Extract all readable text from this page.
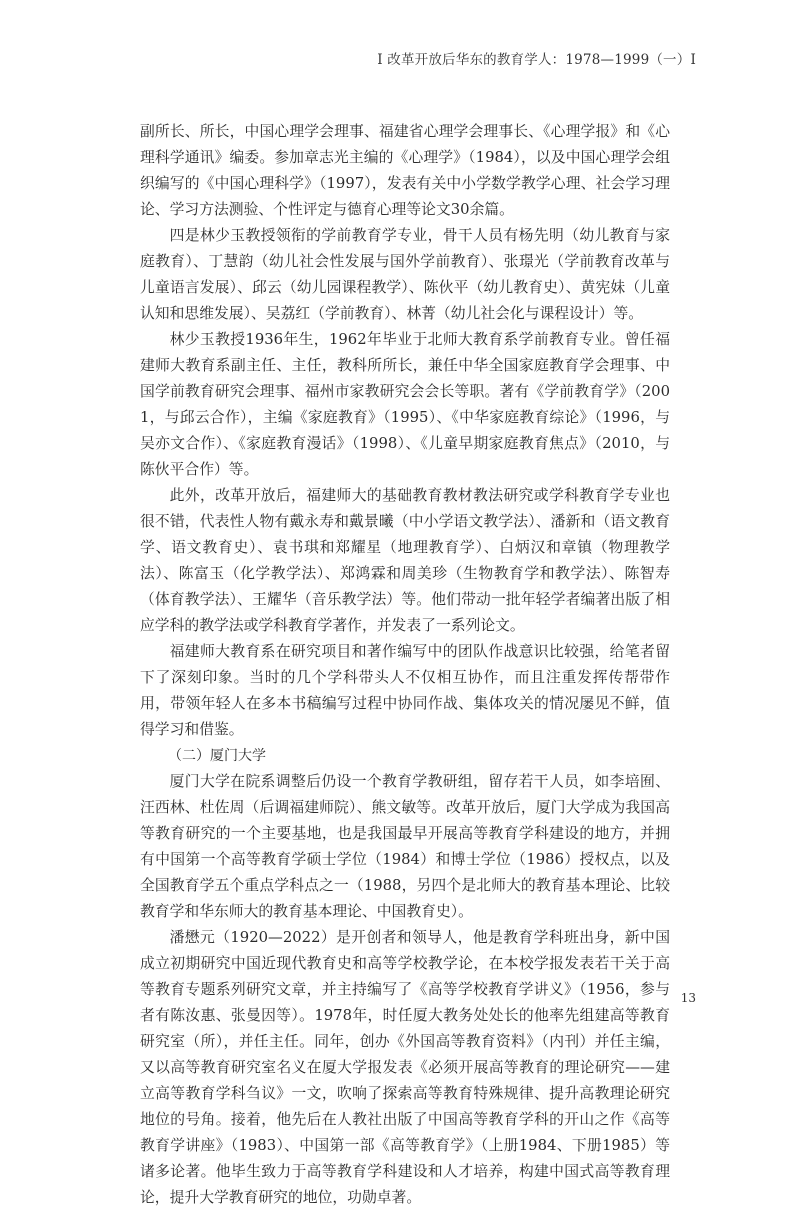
I 改革开放后华东的教育学人：1978—1999（一）I

副所长、所长，中国心理学会理事、福建省心理学会理事长、《心理学报》和《心理科学通讯》编委。参加章志光主编的《心理学》（1984），以及中国心理学会组织编写的《中国心理科学》（1997），发表有关中小学数学教学心理、社会学习理论、学习方法测验、个性评定与德育心理等论文30余篇。

四是林少玉教授领衔的学前教育学专业，骨干人员有杨先明（幼儿教育与家庭教育）、丁慧韵（幼儿社会性发展与国外学前教育）、张璟光（学前教育改革与儿童语言发展）、邱云（幼儿园课程教学）、陈伙平（幼儿教育史）、黄宪妹（儿童认知和思维发展）、吴荔红（学前教育）、林菁（幼儿社会化与课程设计）等。

林少玉教授1936年生，1962年毕业于北师大教育系学前教育专业。曾任福建师大教育系副主任、主任，教科所所长，兼任中华全国家庭教育学会理事、中国学前教育研究会理事、福州市家教研究会会长等职。著有《学前教育学》（2001，与邱云合作），主编《家庭教育》（1995）、《中华家庭教育综论》（1996，与吴亦文合作）、《家庭教育漫话》（1998）、《儿童早期家庭教育焦点》（2010，与陈伙平合作）等。

此外，改革开放后，福建师大的基础教育教材教法研究或学科教育学专业也很不错，代表性人物有戴永寿和戴景曦（中小学语文教学法）、潘新和（语文教育学、语文教育史）、袁书琪和郑耀星（地理教育学）、白炳汉和章镇（物理教学法）、陈富玉（化学教学法）、郑鸿霖和周美珍（生物教育学和教学法）、陈智寿（体育教学法）、王耀华（音乐教学法）等。他们带动一批年轻学者编著出版了相应学科的教学法或学科教育学著作，并发表了一系列论文。

福建师大教育系在研究项目和著作编写中的团队作战意识比较强，给笔者留下了深刻印象。当时的几个学科带头人不仅相互协作，而且注重发挥传帮带作用，带领年轻人在多本书稿编写过程中协同作战、集体攻关的情况屡见不鲜，值得学习和借鉴。

（二）厦门大学

厦门大学在院系调整后仍设一个教育学教研组，留存若干人员，如李培囿、汪西林、杜佐周（后调福建师院）、熊文敏等。改革开放后，厦门大学成为我国高等教育研究的一个主要基地，也是我国最早开展高等教育学科建设的地方，并拥有中国第一个高等教育学硕士学位（1984）和博士学位（1986）授权点，以及全国教育学五个重点学科点之一（1988，另四个是北师大的教育基本理论、比较教育学和华东师大的教育基本理论、中国教育史）。

潘懋元（1920—2022）是开创者和领导人，他是教育学科班出身，新中国成立初期研究中国近现代教育史和高等学校教学论，在本校学报发表若干关于高等教育专题系列研究文章，并主持编写了《高等学校教育学讲义》（1956，参与者有陈汝惠、张曼因等）。1978年，时任厦大教务处处长的他率先组建高等教育研究室（所），并任主任。同年，创办《外国高等教育资料》（内刊）并任主编，又以高等教育研究室名义在厦大学报发表《必须开展高等教育的理论研究——建立高等教育学科刍议》一文，吹响了探索高等教育特殊规律、提升高教理论研究地位的号角。接着，他先后在人教社出版了中国高等教育学科的开山之作《高等教育学讲座》（1983）、中国第一部《高等教育学》（上册1984、下册1985）等诸多论著。他毕生致力于高等教育学科建设和人才培养，构建中国式高等教育理论，提升大学教育研究的地位，功勋卓著。

13
